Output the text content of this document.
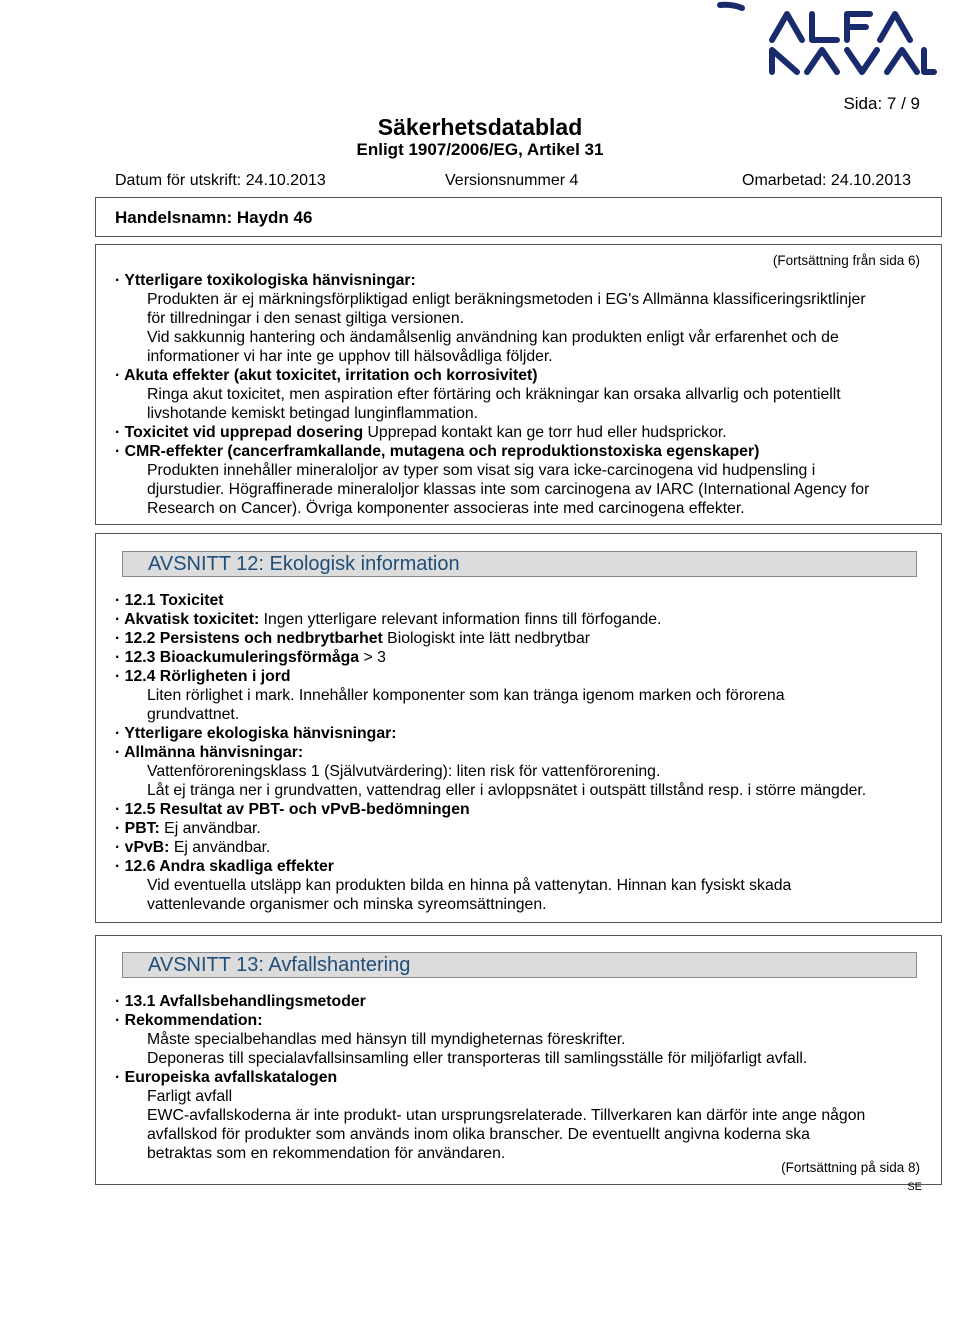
ALFA LAVAL
Sida: 7 / 9
Säkerhetsdatablad
Enligt 1907/2006/EG, Artikel 31
Datum för utskrift: 24.10.2013	Versionsnummer 4	Omarbetad: 24.10.2013
Handelsnamn: Haydn 46
(Fortsättning från sida 6)

· Ytterligare toxikologiska hänvisningar:

Produkten är ej märkningsförpliktigad enligt beräkningsmetoden i EG's Allmänna klassificeringsriktlinjer

för tillredningar i den senast giltiga versionen.

Vid sakkunnig hantering och ändamålsenlig användning kan produkten enligt vår erfarenhet och de

informationer vi har inte ge upphov till hälsovådliga följder.

· Akuta effekter (akut toxicitet, irritation och korrosivitet)

Ringa akut toxicitet, men aspiration efter förtäring och kräkningar kan orsaka allvarlig och potentiellt

livshotande kemiskt betingad lunginflammation.

· Toxicitet vid upprepad dosering Upprepad kontakt kan ge torr hud eller hudsprickor.

· CMR-effekter (cancerframkallande, mutagena och reproduktionstoxiska egenskaper)

Produkten innehåller mineraloljor av typer som visat sig vara icke-carcinogena vid hudpensling i

djurstudier. Högraffinerade mineraloljor klassas inte som carcinogena av IARC (International Agency for

Research on Cancer). Övriga komponenter associeras inte med carcinogena effekter.

AVSNITT 12: Ekologisk information

· 12.1 Toxicitet

· Akvatisk toxicitet: Ingen ytterligare relevant information finns till förfogande.

· 12.2 Persistens och nedbrytbarhet Biologiskt inte lätt nedbrytbar

· 12.3 Bioackumuleringsförmåga > 3

· 12.4 Rörligheten i jord

Liten rörlighet i mark. Innehåller komponenter som kan tränga igenom marken och förorena

grundvattnet.

· Ytterligare ekologiska hänvisningar:

· Allmänna hänvisningar:

Vattenföroreningsklass 1 (Självutvärdering): liten risk för vattenförorening.

Låt ej tränga ner i grundvatten, vattendrag eller i avloppsnätet i outspätt tillstånd resp. i större mängder.

· 12.5 Resultat av PBT- och vPvB-bedömningen

· PBT: Ej användbar.

· vPvB: Ej användbar.

· 12.6 Andra skadliga effekter

Vid eventuella utsläpp kan produkten bilda en hinna på vattenytan. Hinnan kan fysiskt skada

vattenlevande organismer och minska syreomsättningen.

AVSNITT 13: Avfallshantering

· 13.1 Avfallsbehandlingsmetoder

· Rekommendation:

Måste specialbehandlas med hänsyn till myndigheternas föreskrifter.

Deponeras till specialavfallsinsamling eller transporteras till samlingsställe för miljöfarligt avfall.

· Europeiska avfallskatalogen

Farligt avfall

EWC-avfallskoderna är inte produkt- utan ursprungsrelaterade. Tillverkaren kan därför inte ange någon

avfallskod för produkter som används inom olika branscher. De eventuellt angivna koderna ska

betraktas som en rekommendation för användaren.

(Fortsättning på sida 8)
SE
